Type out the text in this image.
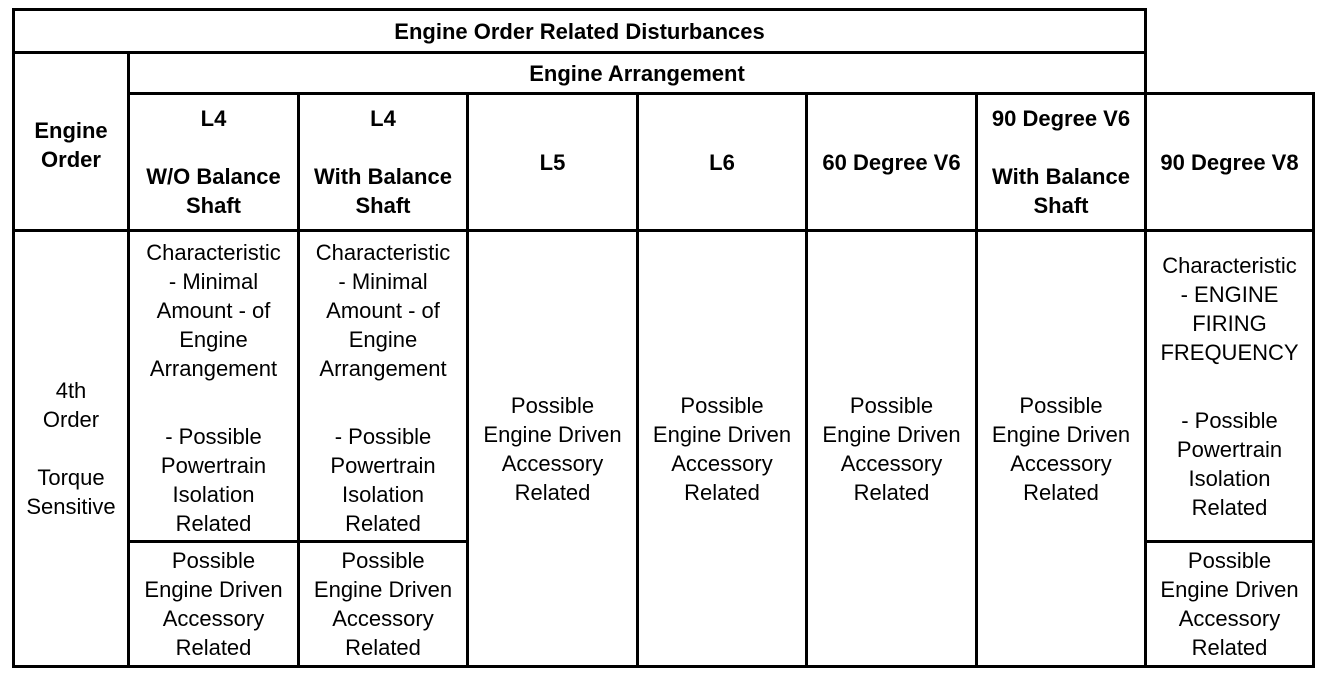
Engine Order Related Disturbances
Engine
Order
Engine Arrangement
L4
W/O Balance
Shaft
L4
With Balance
Shaft
L5	L6	60 Degree V6
90 Degree V6
With Balance
Shaft
90 Degree V8
4th
Order
Torque
Sensitive
Characteristic
- Minimal
Amount - of
Engine
Arrangement
- Possible
Powertrain
Isolation
Related
Characteristic
- Minimal
Amount - of
Engine
Arrangement
- Possible
Powertrain
Isolation
Related
Possible
Engine Driven
Accessory
Related
Possible
Engine Driven
Accessory
Related
Possible
Engine Driven
Accessory
Related
Possible
Engine Driven
Accessory
Related
Possible
Engine Driven
Accessory
Related
Possible
Engine Driven
Accessory
Related
Characteristic
- ENGINE
FIRING
FREQUENCY
- Possible
Powertrain
Isolation
Related
Possible
Engine Driven
Accessory
Related
